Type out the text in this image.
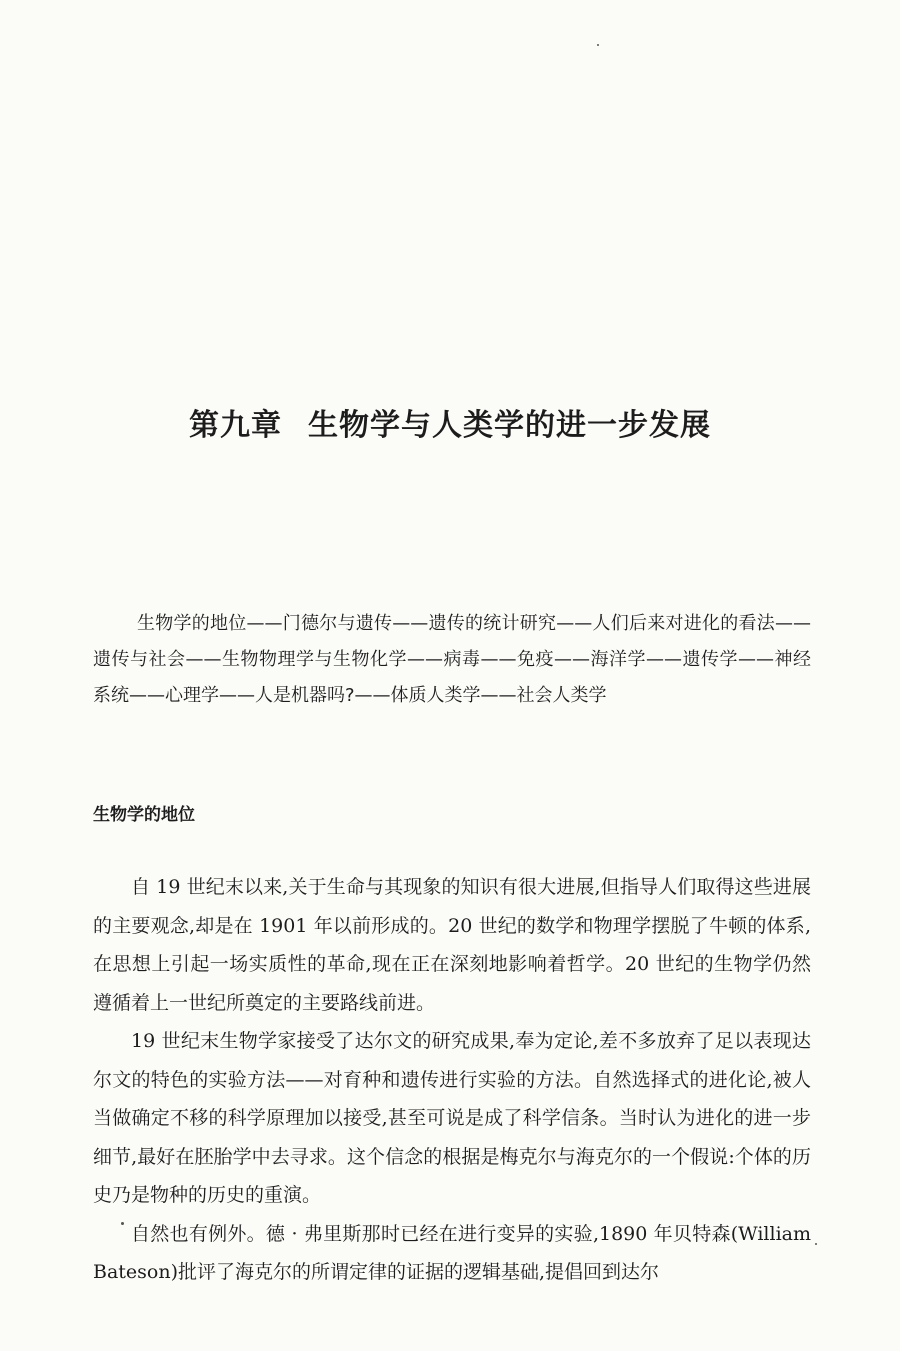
第九章 生物学与人类学的进一步发展

生物学的地位——门德尔与遗传——遗传的统计研究——人们后来对进化的看法——遗传与社会——生物物理学与生物化学——病毒——免疫——海洋学——遗传学——神经系统——心理学——人是机器吗?——体质人类学——社会人类学

生物学的地位

自 19 世纪末以来,关于生命与其现象的知识有很大进展,但指导人们取得这些进展的主要观念,却是在 1901 年以前形成的。20 世纪的数学和物理学摆脱了牛顿的体系,在思想上引起一场实质性的革命,现在正在深刻地影响着哲学。20 世纪的生物学仍然遵循着上一世纪所奠定的主要路线前进。

19 世纪末生物学家接受了达尔文的研究成果,奉为定论,差不多放弃了足以表现达尔文的特色的实验方法——对育种和遗传进行实验的方法。自然选择式的进化论,被人当做确定不移的科学原理加以接受,甚至可说是成了科学信条。当时认为进化的进一步细节,最好在胚胎学中去寻求。这个信念的根据是梅克尔与海克尔的一个假说:个体的历史乃是物种的历史的重演。

自然也有例外。德 · 弗里斯那时已经在进行变异的实验,1890 年贝特森(William Bateson)批评了海克尔的所谓定律的证据的逻辑基础,提倡回到达尔
